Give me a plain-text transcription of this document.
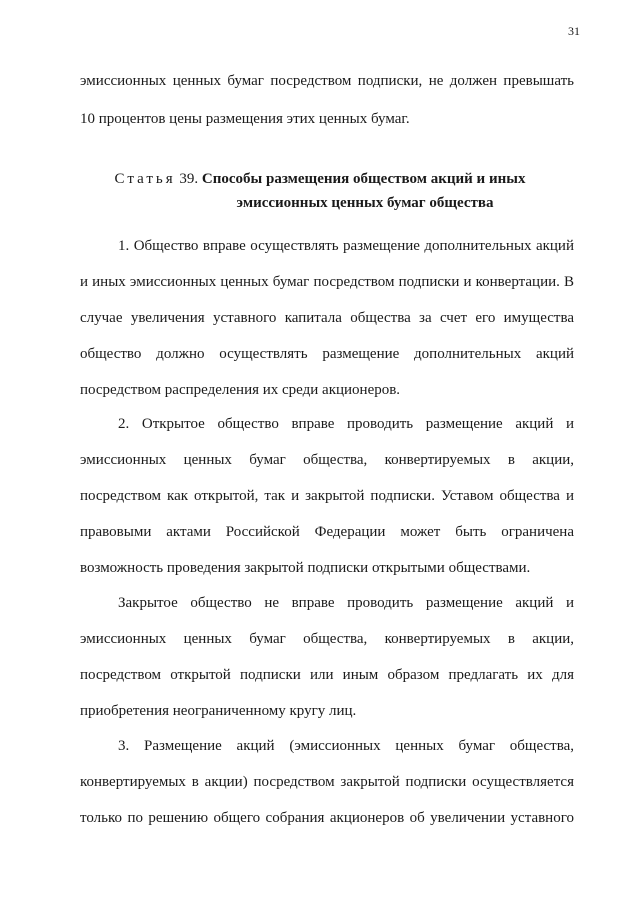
31
эмиссионных ценных бумаг посредством подписки, не должен превышать
10 процентов цены размещения этих ценных бумаг.
Статья 39. Способы размещения обществом акций и иных
эмиссионных ценных бумаг общества
1. Общество вправе осуществлять размещение дополнительных акций
и иных эмиссионных ценных бумаг посредством подписки и конвертации. В
случае увеличения уставного капитала общества за счет его имущества
общество должно осуществлять размещение дополнительных акций
посредством распределения их среди акционеров.
2. Открытое общество вправе проводить размещение акций и
эмиссионных ценных бумаг общества, конвертируемых в акции,
посредством как открытой, так и закрытой подписки. Уставом общества и
правовыми актами Российской Федерации может быть ограничена
возможность проведения закрытой подписки открытыми обществами.
Закрытое общество не вправе проводить размещение акций и
эмиссионных ценных бумаг общества, конвертируемых в акции,
посредством открытой подписки или иным образом предлагать их для
приобретения неограниченному кругу лиц.
3. Размещение акций (эмиссионных ценных бумаг общества,
конвертируемых в акции) посредством закрытой подписки осуществляется
только по решению общего собрания акционеров об увеличении уставного
